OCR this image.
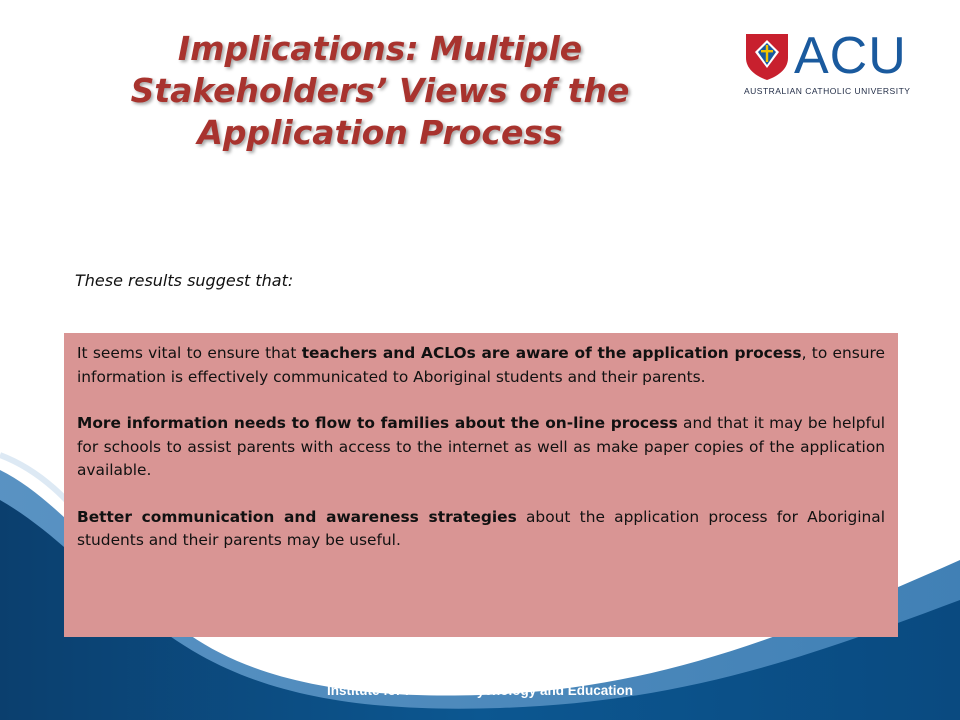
Implications: Multiple Stakeholders’ Views of the Application Process
ACU
AUSTRALIAN CATHOLIC UNIVERSITY

These results suggest that:

It seems vital to ensure that teachers and ACLOs are aware of the application process, to ensure information is effectively communicated to Aboriginal students and their parents.

More information needs to flow to families about the on-line process and that it may be helpful for schools to assist parents with access to the internet as well as make paper copies of the application available.

Better communication and awareness strategies about the application process for Aboriginal students and their parents may be useful.

Institute for Positive Psychology and Education
